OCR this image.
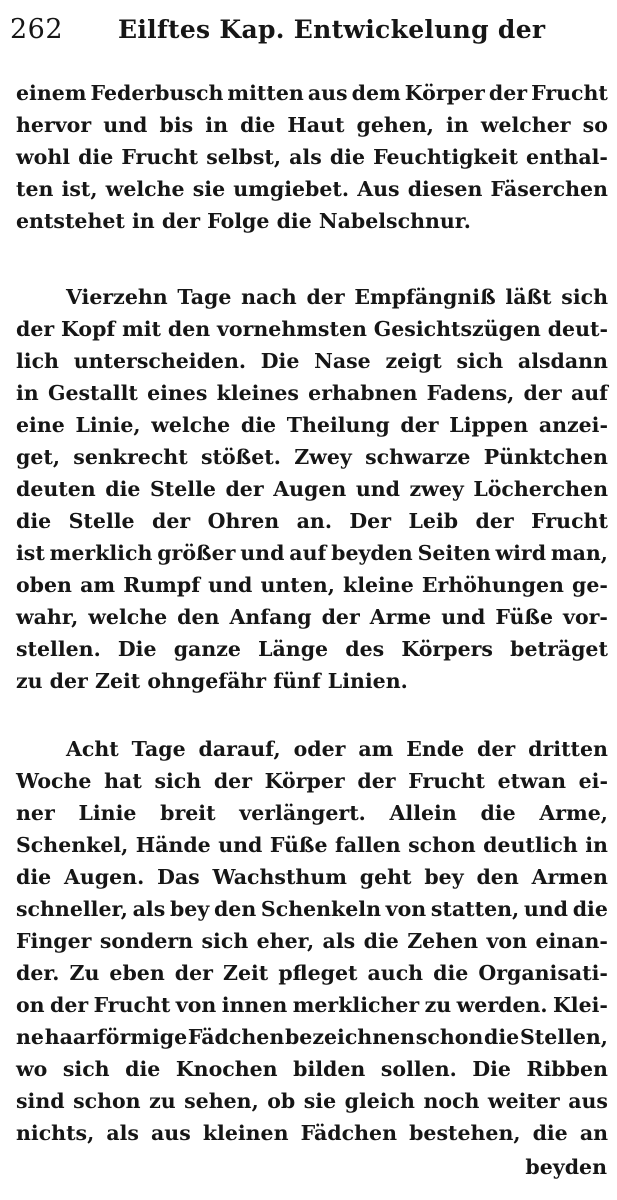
262 Eilftes Kap. Entwickelung der
einem Federbusch mitten aus dem Körper der Frucht
hervor und bis in die Haut gehen, in welcher so
wohl die Frucht selbst, als die Feuchtigkeit enthal-
ten ist, welche sie umgiebet. Aus diesen Fäserchen
entstehet in der Folge die Nabelschnur.
Vierzehn Tage nach der Empfängniß läßt sich
der Kopf mit den vornehmsten Gesichtszügen deut-
lich unterscheiden. Die Nase zeigt sich alsdann
in Gestallt eines kleines erhabnen Fadens, der auf
eine Linie, welche die Theilung der Lippen anzei-
get, senkrecht stößet. Zwey schwarze Pünktchen
deuten die Stelle der Augen und zwey Löcherchen
die Stelle der Ohren an. Der Leib der Frucht
ist merklich größer und auf beyden Seiten wird man,
oben am Rumpf und unten, kleine Erhöhungen ge-
wahr, welche den Anfang der Arme und Füße vor-
stellen. Die ganze Länge des Körpers beträget
zu der Zeit ohngefähr fünf Linien.
Acht Tage darauf, oder am Ende der dritten
Woche hat sich der Körper der Frucht etwan ei-
ner Linie breit verlängert. Allein die Arme,
Schenkel, Hände und Füße fallen schon deutlich in
die Augen. Das Wachsthum geht bey den Armen
schneller, als bey den Schenkeln von statten, und die
Finger sondern sich eher, als die Zehen von einan-
der. Zu eben der Zeit pfleget auch die Organisati-
on der Frucht von innen merklicher zu werden. Klei-
ne haarförmige Fädchen bezeichnen schon die Stellen,
wo sich die Knochen bilden sollen. Die Ribben
sind schon zu sehen, ob sie gleich noch weiter aus
nichts, als aus kleinen Fädchen bestehen, die an
beyden
